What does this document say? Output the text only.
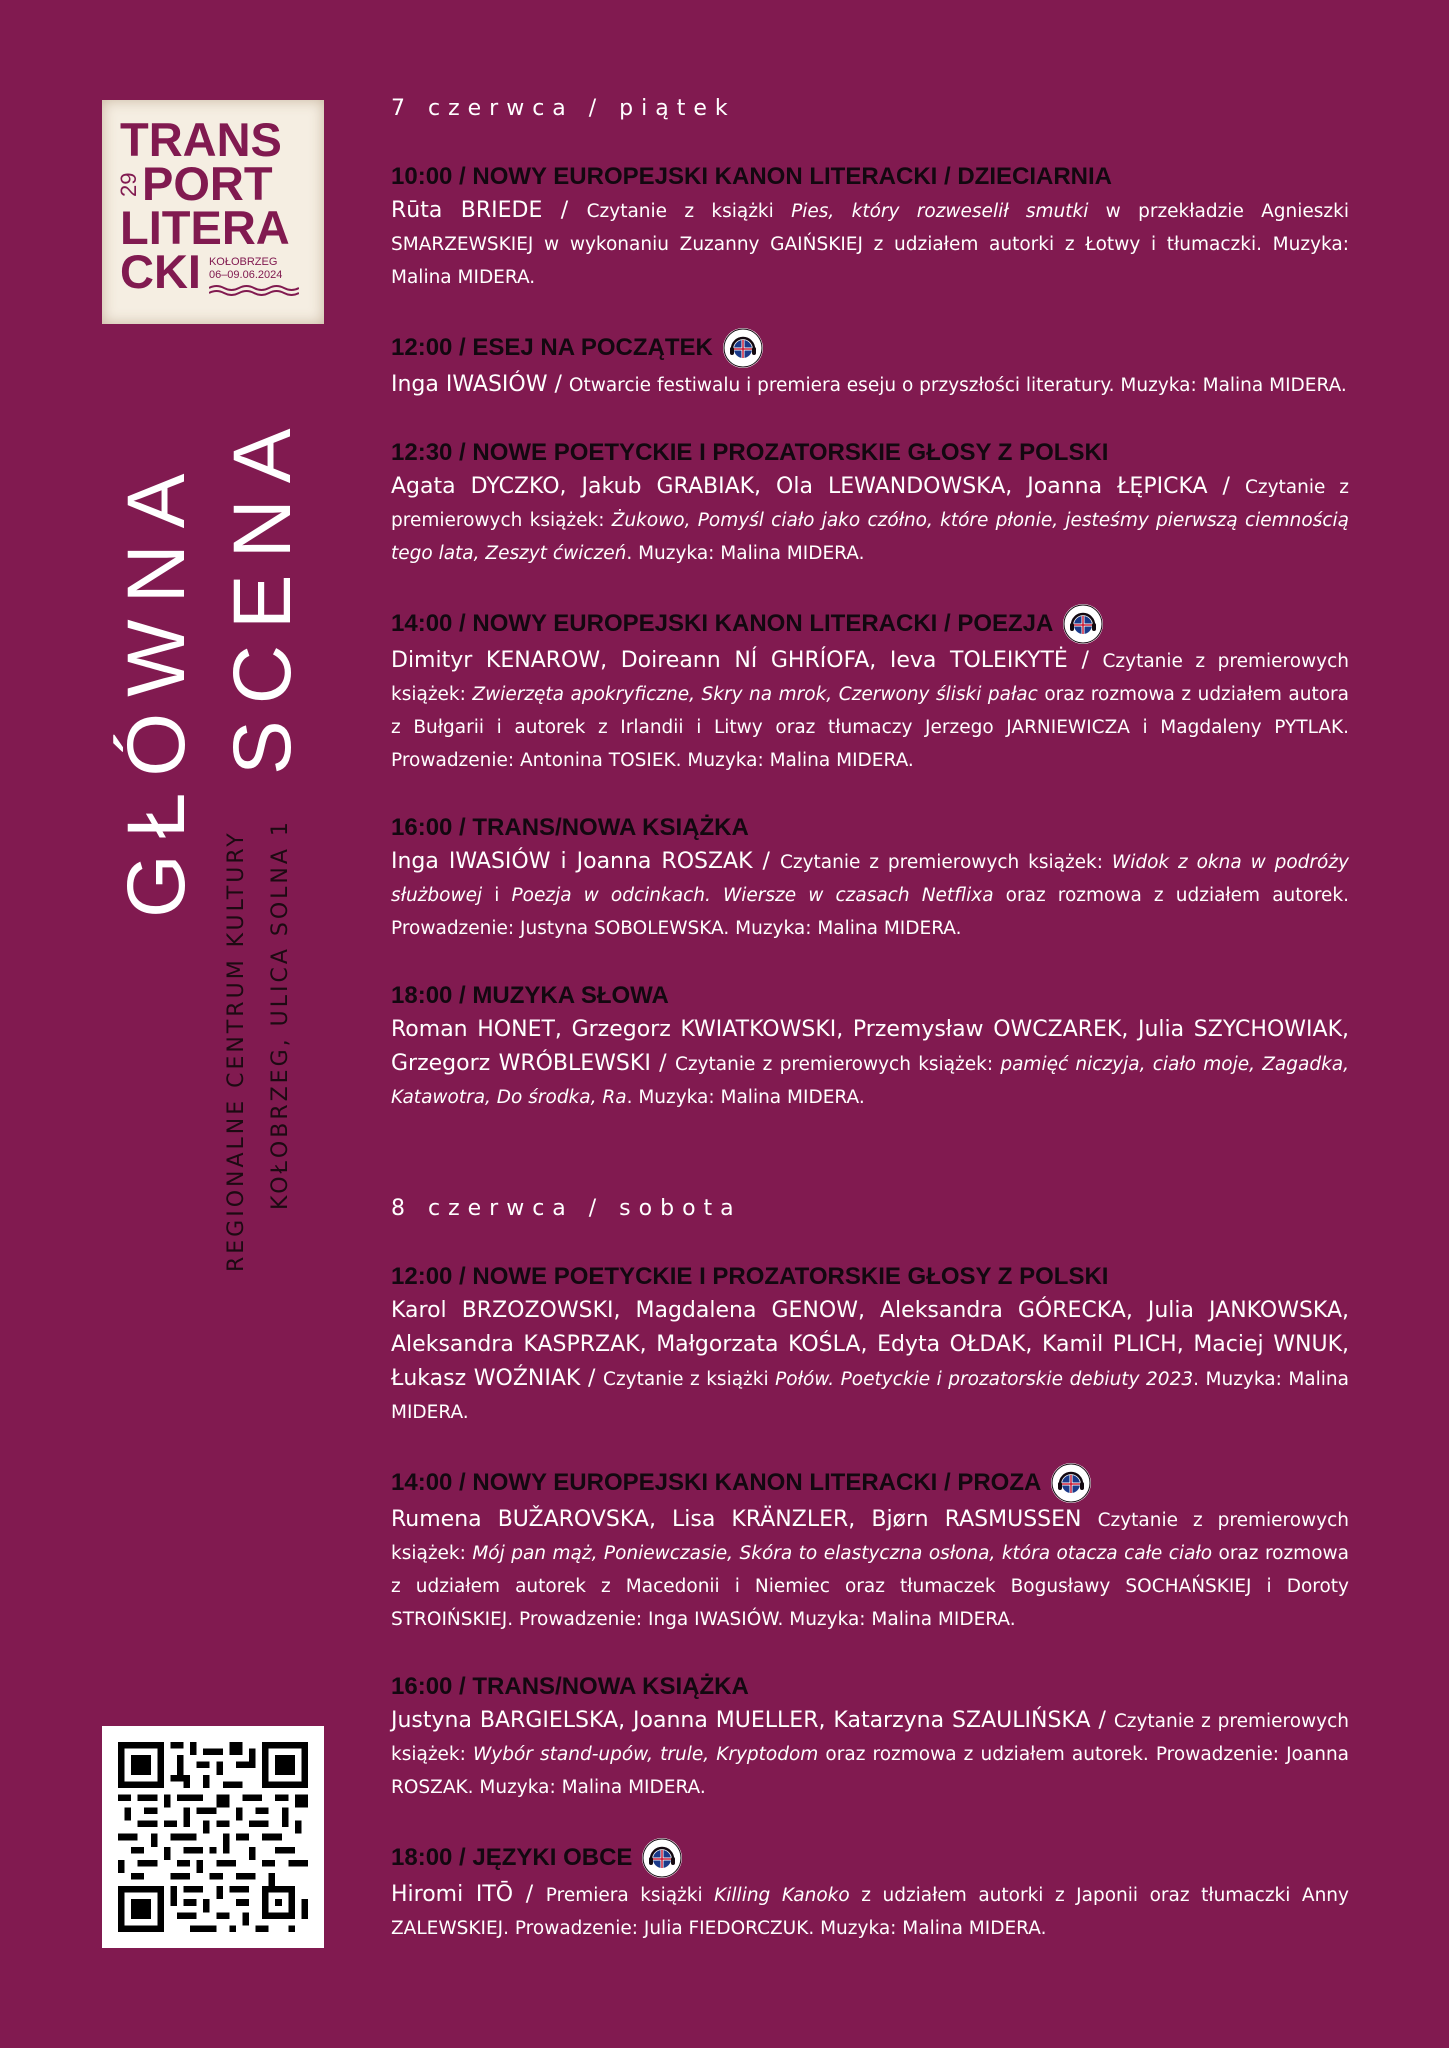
TRANS
29 PORT
LITERA
CKI KOŁOBRZEG
06–09.06.2024
GŁÓWNA SCENA
REGIONALNE CENTRUM KULTURY KOŁOBRZEG, ULICA SOLNA 1
7 czerwca / piątek
10:00 / NOWY EUROPEJSKI KANON LITERACKI / DZIECIARNIA
Rūta BRIEDE / Czytanie z książki Pies, który rozweselił smutki w przekładzie Agnieszki SMARZEWSKIEJ w wykonaniu Zuzanny GAIŃSKIEJ z udziałem autorki z Łotwy i tłumaczki. Muzyka: Malina MIDERA.
12:00 / ESEJ NA POCZĄTEK
Inga IWASIÓW / Otwarcie festiwalu i premiera eseju o przyszłości literatury. Muzyka: Malina MIDERA.
12:30 / NOWE POETYCKIE I PROZATORSKIE GŁOSY Z POLSKI
Agata DYCZKO, Jakub GRABIAK, Ola LEWANDOWSKA, Joanna ŁĘPICKA / Czytanie z premierowych książek: Żukowo, Pomyśl ciało jako czółno, które płonie, jesteśmy pierwszą ciemnością tego lata, Zeszyt ćwiczeń. Muzyka: Malina MIDERA.
14:00 / NOWY EUROPEJSKI KANON LITERACKI / POEZJA
Dimityr KENAROW, Doireann NÍ GHRÍOFA, Ieva TOLEIKYTĖ / Czytanie z premierowych książek: Zwierzęta apokryficzne, Skry na mrok, Czerwony śliski pałac oraz rozmowa z udziałem autora z Bułgarii i autorek z Irlandii i Litwy oraz tłumaczy Jerzego JARNIEWICZA i Magdaleny PYTLAK. Prowadzenie: Antonina TOSIEK. Muzyka: Malina MIDERA.
16:00 / TRANS/NOWA KSIĄŻKA
Inga IWASIÓW i Joanna ROSZAK / Czytanie z premierowych książek: Widok z okna w podróży służbowej i Poezja w odcinkach. Wiersze w czasach Netflixa oraz rozmowa z udziałem autorek. Prowadzenie: Justyna SOBOLEWSKA. Muzyka: Malina MIDERA.
18:00 / MUZYKA SŁOWA
Roman HONET, Grzegorz KWIATKOWSKI, Przemysław OWCZAREK, Julia SZYCHOWIAK, Grzegorz WRÓBLEWSKI / Czytanie z premierowych książek: pamięć niczyja, ciało moje, Zagadka, Katawotra, Do środka, Ra. Muzyka: Malina MIDERA.
8 czerwca / sobota
12:00 / NOWE POETYCKIE I PROZATORSKIE GŁOSY Z POLSKI
Karol BRZOZOWSKI, Magdalena GENOW, Aleksandra GÓRECKA, Julia JANKOWSKA, Aleksandra KASPRZAK, Małgorzata KOŚLA, Edyta OŁDAK, Kamil PLICH, Maciej WNUK, Łukasz WOŹNIAK / Czytanie z książki Połów. Poetyckie i prozatorskie debiuty 2023. Muzyka: Malina MIDERA.
14:00 / NOWY EUROPEJSKI KANON LITERACKI / PROZA
Rumena BUŽAROVSKA, Lisa KRÄNZLER, Bjørn RASMUSSEN Czytanie z premierowych książek: Mój pan mąż, Poniewczasie, Skóra to elastyczna osłona, która otacza całe ciało oraz rozmowa z udziałem autorek z Macedonii i Niemiec oraz tłumaczek Bogusławy SOCHAŃSKIEJ i Doroty STROIŃSKIEJ. Prowadzenie: Inga IWASIÓW. Muzyka: Malina MIDERA.
16:00 / TRANS/NOWA KSIĄŻKA
Justyna BARGIELSKA, Joanna MUELLER, Katarzyna SZAULIŃSKA / Czytanie z premierowych książek: Wybór stand-upów, trule, Kryptodom oraz rozmowa z udziałem autorek. Prowadzenie: Joanna ROSZAK. Muzyka: Malina MIDERA.
18:00 / JĘZYKI OBCE
Hiromi ITŌ / Premiera książki Killing Kanoko z udziałem autorki z Japonii oraz tłumaczki Anny ZALEWSKIEJ. Prowadzenie: Julia FIEDORCZUK. Muzyka: Malina MIDERA.
